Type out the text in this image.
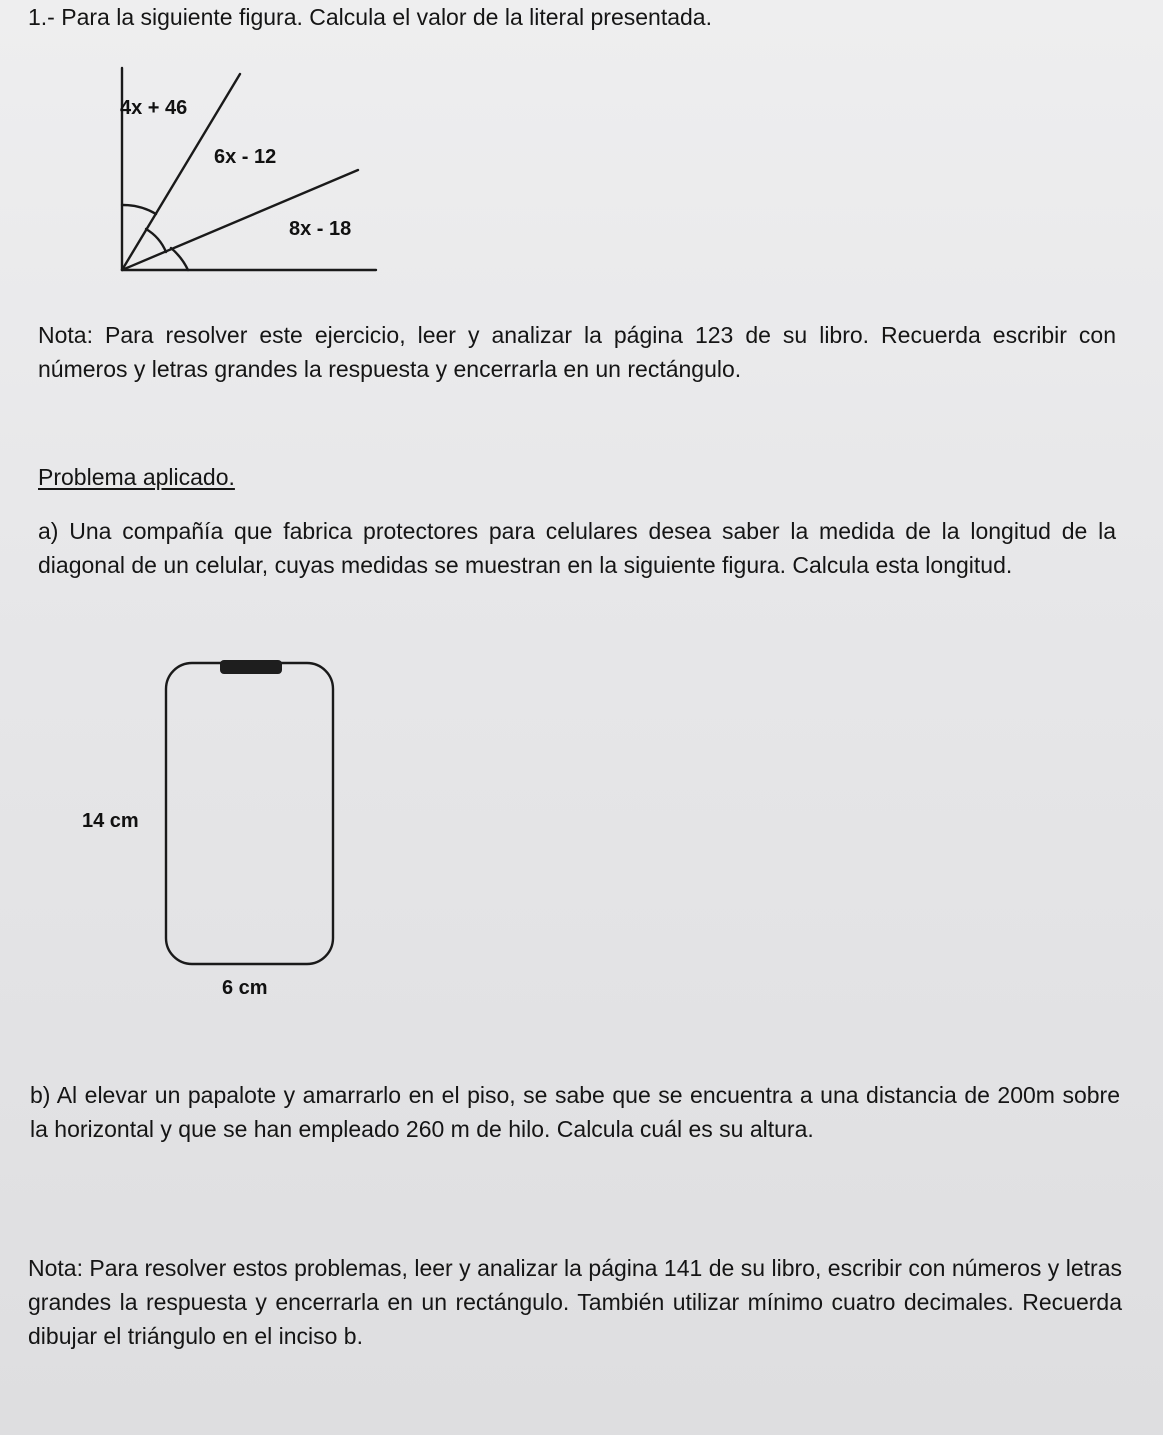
1.- Para la siguiente figura. Calcula el valor de la literal presentada.

4x + 46
6x - 12
8x - 18

Nota: Para resolver este ejercicio, leer y analizar la página 123 de su libro. Recuerda escribir con números y letras grandes la respuesta y encerrarla en un rectángulo.

Problema aplicado.

a) Una compañía que fabrica protectores para celulares desea saber la medida de la longitud de la diagonal de un celular, cuyas medidas se muestran en la siguiente figura. Calcula esta longitud.

14 cm
6 cm

b) Al elevar un papalote y amarrarlo en el piso, se sabe que se encuentra a una distancia de 200m sobre la horizontal y que se han empleado 260 m de hilo. Calcula cuál es su altura.

Nota: Para resolver estos problemas, leer y analizar la página 141 de su libro, escribir con números y letras grandes la respuesta y encerrarla en un rectángulo. También utilizar mínimo cuatro decimales. Recuerda dibujar el triángulo en el inciso b.
